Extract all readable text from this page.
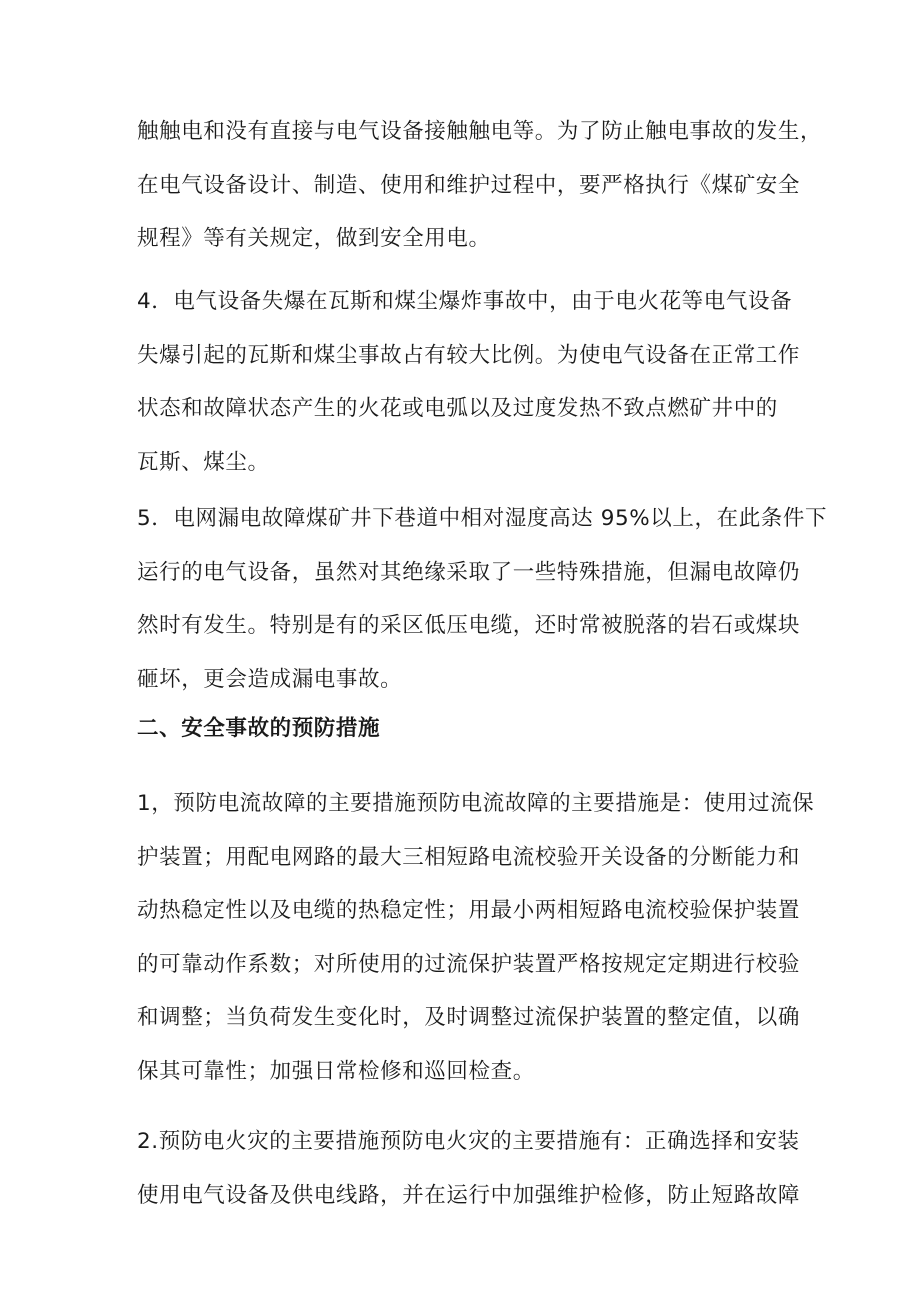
触触电和没有直接与电气设备接触触电等。为了防止触电事故的发生，
在电气设备设计、制造、使用和维护过程中，要严格执行《煤矿安全
规程》等有关规定，做到安全用电。

4．电气设备失爆在瓦斯和煤尘爆炸事故中，由于电火花等电气设备
失爆引起的瓦斯和煤尘事故占有较大比例。为使电气设备在正常工作
状态和故障状态产生的火花或电弧以及过度发热不致点燃矿井中的
瓦斯、煤尘。

5．电网漏电故障煤矿井下巷道中相对湿度高达 95%以上，在此条件下
运行的电气设备，虽然对其绝缘采取了一些特殊措施，但漏电故障仍
然时有发生。特别是有的采区低压电缆，还时常被脱落的岩石或煤块
砸坏，更会造成漏电事故。

二、安全事故的预防措施

1，预防电流故障的主要措施预防电流故障的主要措施是：使用过流保
护装置；用配电网路的最大三相短路电流校验开关设备的分断能力和
动热稳定性以及电缆的热稳定性；用最小两相短路电流校验保护装置
的可靠动作系数；对所使用的过流保护装置严格按规定定期进行校验
和调整；当负荷发生变化时，及时调整过流保护装置的整定值，以确
保其可靠性；加强日常检修和巡回检查。

2.预防电火灾的主要措施预防电火灾的主要措施有：正确选择和安装
使用电气设备及供电线路，并在运行中加强维护检修，防止短路故障
